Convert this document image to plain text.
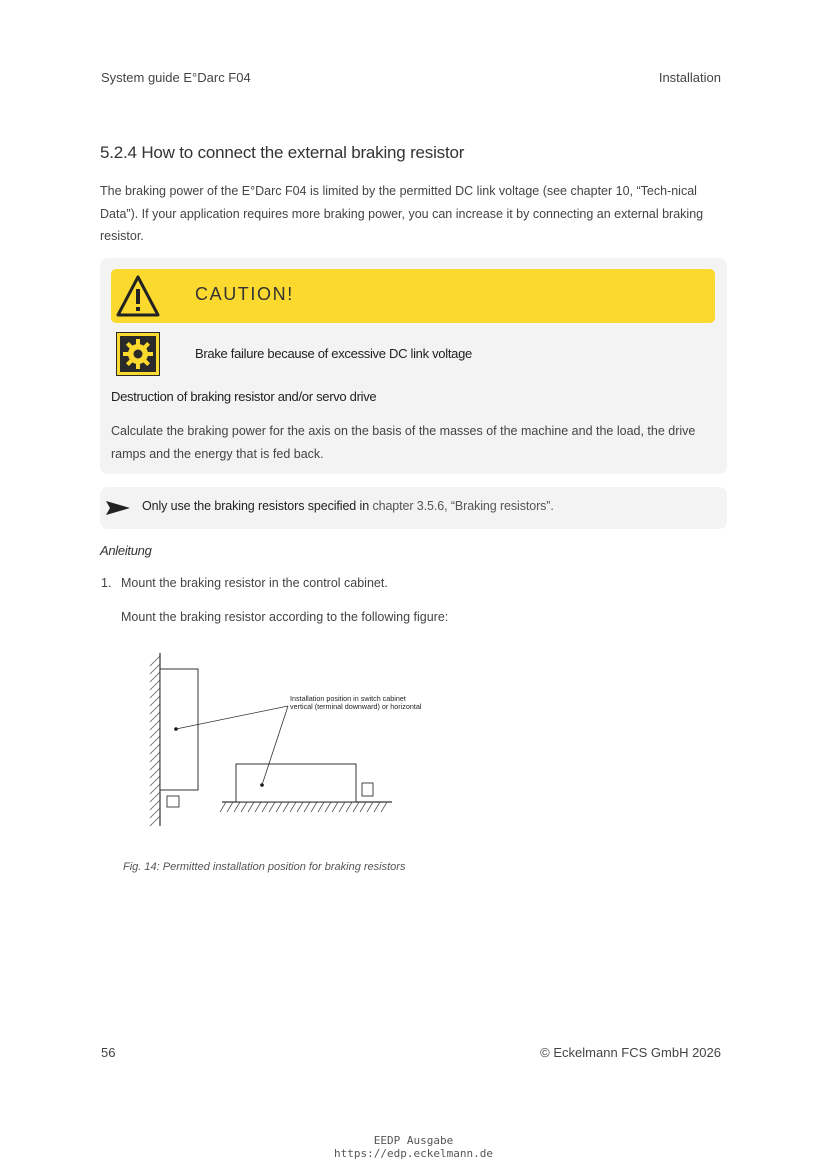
System guide E°Darc F04	Installation
5.2.4 How to connect the external braking resistor
The braking power of the E°Darc F04 is limited by the permitted DC link voltage (see chapter 10, “Tech-nical Data”). If your application requires more braking power, you can increase it by connecting an external braking resistor.
CAUTION!
Brake failure because of excessive DC link voltage
Destruction of braking resistor and/or servo drive
Calculate the braking power for the axis on the basis of the masses of the machine and the load, the drive ramps and the energy that is fed back.
Only use the braking resistors specified in chapter 3.5.6, “Braking resistors”.
Anleitung
1. Mount the braking resistor in the control cabinet.
Mount the braking resistor according to the following figure:
Installation position in switch cabinet
vertical (terminal downward) or horizontal
Fig. 14: Permitted installation position for braking resistors
56	© Eckelmann FCS GmbH 2026
EEDP Ausgabe
https://edp.eckelmann.de
